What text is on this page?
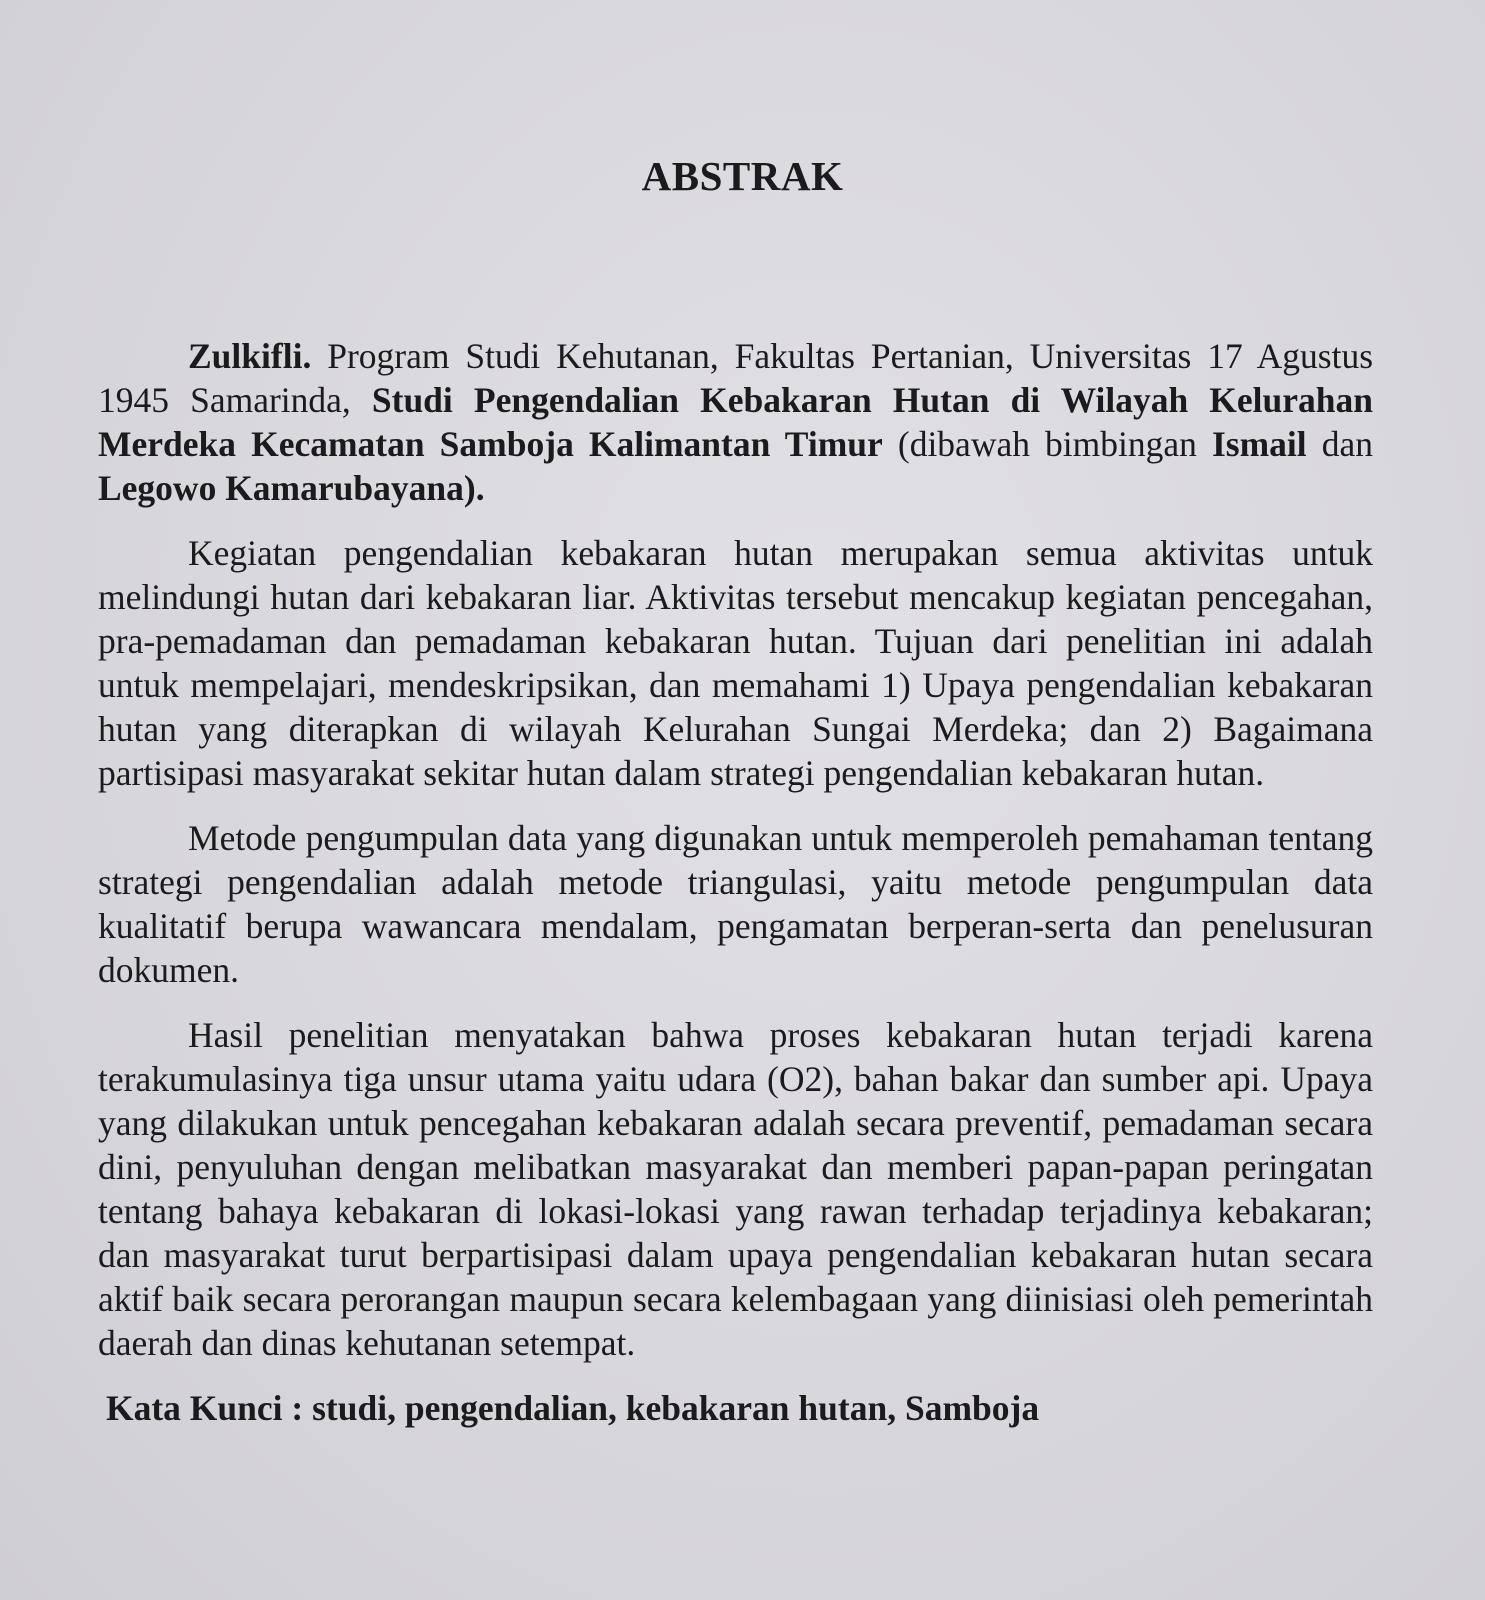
ABSTRAK

Zulkifli. Program Studi Kehutanan, Fakultas Pertanian, Universitas 17 Agustus 1945 Samarinda, Studi Pengendalian Kebakaran Hutan di Wilayah Kelurahan Merdeka Kecamatan Samboja Kalimantan Timur (dibawah bimbingan Ismail dan Legowo Kamarubayana).

Kegiatan pengendalian kebakaran hutan merupakan semua aktivitas untuk melindungi hutan dari kebakaran liar. Aktivitas tersebut mencakup kegiatan pencegahan, pra-pemadaman dan pemadaman kebakaran hutan. Tujuan dari penelitian ini adalah untuk mempelajari, mendeskripsikan, dan memahami 1) Upaya pengendalian kebakaran hutan yang diterapkan di wilayah Kelurahan Sungai Merdeka; dan 2) Bagaimana partisipasi masyarakat sekitar hutan dalam strategi pengendalian kebakaran hutan.

Metode pengumpulan data yang digunakan untuk memperoleh pemahaman tentang strategi pengendalian adalah metode triangulasi, yaitu metode pengumpulan data kualitatif berupa wawancara mendalam, pengamatan berperan-serta dan penelusuran dokumen.

Hasil penelitian menyatakan bahwa proses kebakaran hutan terjadi karena terakumulasinya tiga unsur utama yaitu udara (O2), bahan bakar dan sumber api. Upaya yang dilakukan untuk pencegahan kebakaran adalah secara preventif, pemadaman secara dini, penyuluhan dengan melibatkan masyarakat dan memberi papan-papan peringatan tentang bahaya kebakaran di lokasi-lokasi yang rawan terhadap terjadinya kebakaran; dan masyarakat turut berpartisipasi dalam upaya pengendalian kebakaran hutan secara aktif baik secara perorangan maupun secara kelembagaan yang diinisiasi oleh pemerintah daerah dan dinas kehutanan setempat.

Kata Kunci : studi, pengendalian, kebakaran hutan, Samboja
